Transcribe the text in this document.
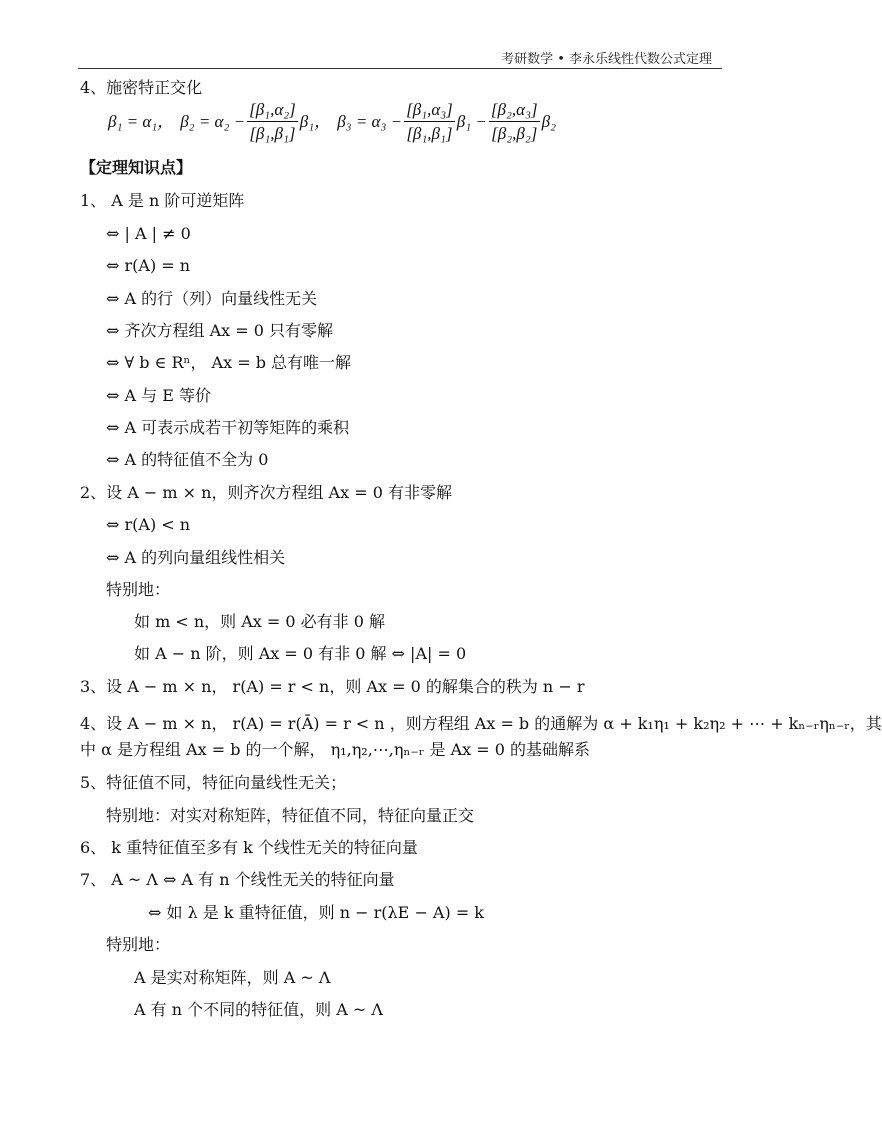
考研数学 • 李永乐线性代数公式定理
4、施密特正交化
β₁ = α₁， $\beta_2 = \alpha_2 - \frac{\text{[β₁,α₂]}}{\text{[β₁,β₁]}} \beta_1$， $\beta_3 = \alpha_3 - \frac{\text{[β₁,α₃]}}{\text{[β₁,β₁]}} \beta_1 - \frac{\text{[β₂,α₃]}}{\text{[β₂,β₂]}} \beta_2$
【定理知识点】
1、 A 是 n 阶可逆矩阵
⇔ | A | ≠ 0
⇔ r(A) = n
⇔ A 的行（列）向量线性无关
⇔ 齐次方程组 Ax = 0 只有零解
⇔ ∀ b ∈ Rⁿ， Ax = b 总有唯一解
⇔ A 与 E 等价
⇔ A 可表示成若干初等矩阵的乘积
⇔ A 的特征值不全为 0
2、设 A − m × n，则齐次方程组 Ax = 0 有非零解
⇔ r(A) < n
⇔ A 的列向量组线性相关
特别地：
如 m < n，则 Ax = 0 必有非 0 解
如 A − n 阶，则 Ax = 0 有非 0 解 ⇔ |A| = 0
3、设 A − m × n， r(A) = r < n，则 Ax = 0 的解集合的秩为 n − r
4、设 A − m × n， r(A) = r(Ā) = r < n ，则方程组 Ax = b 的通解为 α + k₁η₁ + k₂η₂ + ⋯ + kₙ₋ᵣηₙ₋ᵣ，其
中 α 是方程组 Ax = b 的一个解， η₁,η₂,⋯,ηₙ₋ᵣ 是 Ax = 0 的基础解系
5、特征值不同，特征向量线性无关；
特别地：对实对称矩阵，特征值不同，特征向量正交
6、 k 重特征值至多有 k 个线性无关的特征向量
7、 A ~ Λ ⇔ A 有 n 个线性无关的特征向量
⇔ 如 λ 是 k 重特征值，则 n − r(λE − A) = k
特别地：
A 是实对称矩阵，则 A ~ Λ
A 有 n 个不同的特征值，则 A ~ Λ
